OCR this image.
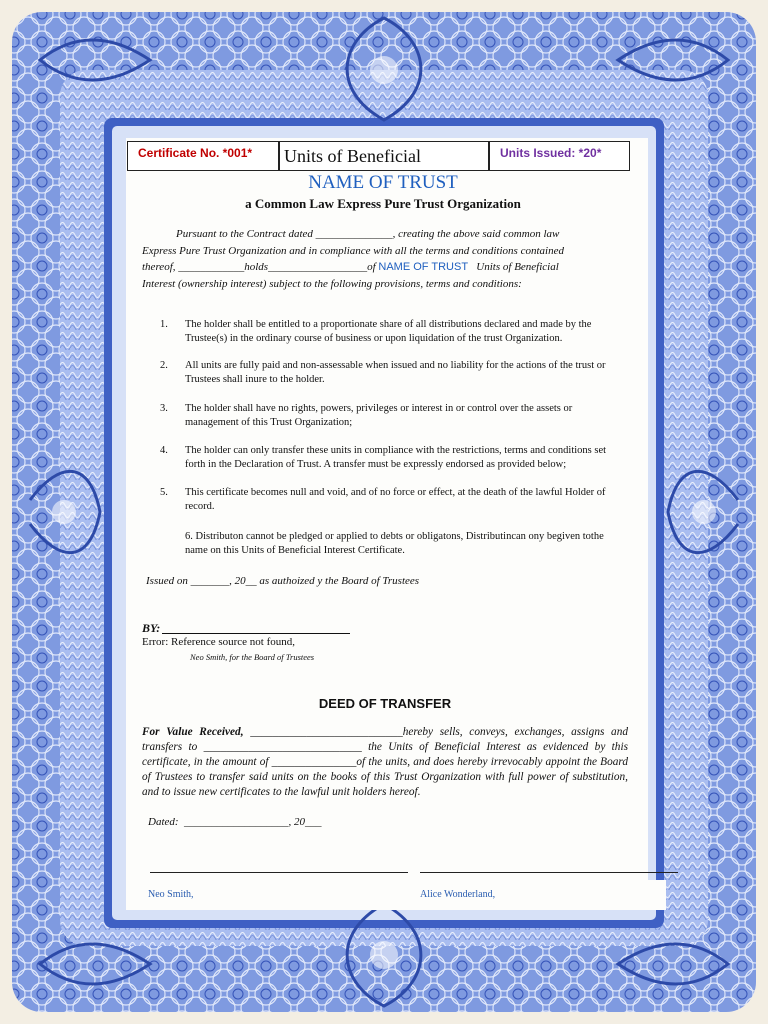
Certificate No. *001*	Units of Beneficial	Units Issued: *20*
NAME OF TRUST
a Common Law Express Pure Trust Organization
Pursuant to the Contract dated ______________, creating the above said common law
Express Pure Trust Organization and in compliance with all the terms and conditions contained
thereof, ____________holds__________________of NAME OF TRUST Units of Beneficial
Interest (ownership interest) subject to the following provisions, terms and conditions:
1.	The holder shall be entitled to a proportionate share of all distributions declared and made by the Trustee(s) in the ordinary course of business or upon liquidation of the trust Organization.
2.	All units are fully paid and non-assessable when issued and no liability for the actions of the trust or Trustees shall inure to the holder.
3.	The holder shall have no rights, powers, privileges or interest in or control over the assets or management of this Trust Organization;
4.	The holder can only transfer these units in compliance with the restrictions, terms and conditions set forth in the Declaration of Trust. A transfer must be expressly endorsed as provided below;
5.	This certificate becomes null and void, and of no force or effect, at the death of the lawful Holder of record.
6. Distributon cannot be pledged or applied to debts or obligatons, Distributincan ony begiven tothe name on this Units of Beneficial Interest Certificate.
Issued on _______, 20__ as authoized y the Board of Trustees
BY:
Error: Reference source not found,
Neo Smith, for the Board of Trustees
DEED OF TRANSFER
For Value Received, ___________________________hereby sells, conveys, exchanges, assigns and transfers to ____________________________ the Units of Beneficial Interest as evidenced by this certificate, in the amount of _______________of the units, and does hereby irrevocably appoint the Board of Trustees to transfer said units on the books of this Trust Organization with full power of substitution, and to issue new certificates to the lawful unit holders hereof.
Dated: ___________________, 20___
Neo Smith,	Alice Wonderland,
